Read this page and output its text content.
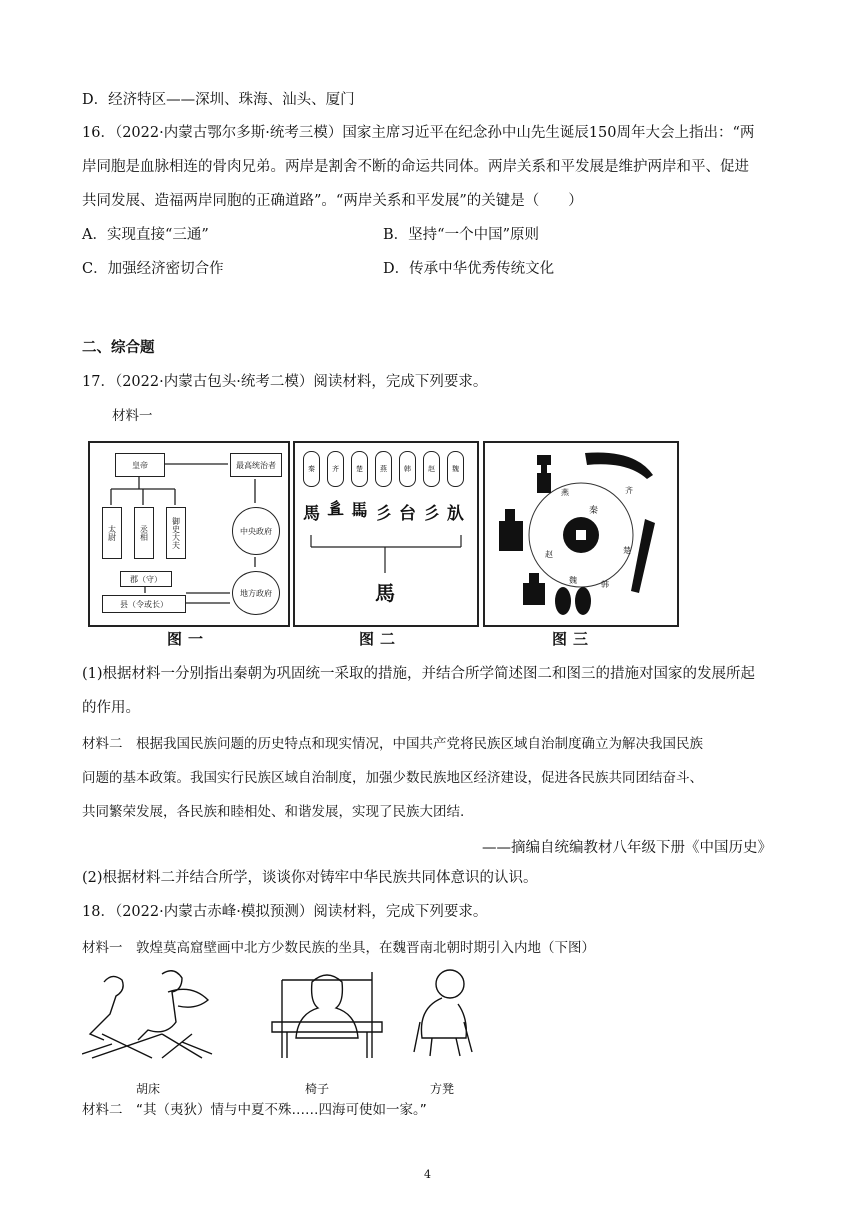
D．经济特区——深圳、珠海、汕头、厦门
16．（2022·内蒙古鄂尔多斯·统考三模）国家主席习近平在纪念孙中山先生诞辰150周年大会上指出：“两
岸同胞是血脉相连的骨肉兄弟。两岸是割舍不断的命运共同体。两岸关系和平发展是维护两岸和平、促进
共同发展、造福两岸同胞的正确道路”。“两岸关系和平发展”的关键是（　　）
A．实现直接“三通”	B．坚持“一个中国”原则
C．加强经济密切合作	D．传承中华优秀传统文化
二、综合题
17．（2022·内蒙古包头·统考二模）阅读材料，完成下列要求。
材料一
皇帝	最高统治者
太尉	丞相	御史大夫	中央政府
郡（守）
地方政府
县（令或长）
图一
秦	齐	楚	燕	韩	赵	魏
馬 𢒉 𩡧 彡 台 彡 㫃
馬
图二
秦
齐
燕
楚
韩
赵
魏
图三
(1)根据材料一分别指出秦朝为巩固统一采取的措施，并结合所学简述图二和图三的措施对国家的发展所起
的作用。
材料二　根据我国民族问题的历史特点和现实情况，中国共产党将民族区域自治制度确立为解决我国民族
问题的基本政策。我国实行民族区域自治制度，加强少数民族地区经济建设，促进各民族共同团结奋斗、
共同繁荣发展，各民族和睦相处、和谐发展，实现了民族大团结.
——摘编自统编教材八年级下册《中国历史》
(2)根据材料二并结合所学，谈谈你对铸牢中华民族共同体意识的认识。
18．（2022·内蒙古赤峰·模拟预测）阅读材料，完成下列要求。
材料一　敦煌莫高窟壁画中北方少数民族的坐具，在魏晋南北朝时期引入内地（下图）
胡床	椅子	方凳
材料二　“其（夷狄）情与中夏不殊……四海可使如一家。”
4
